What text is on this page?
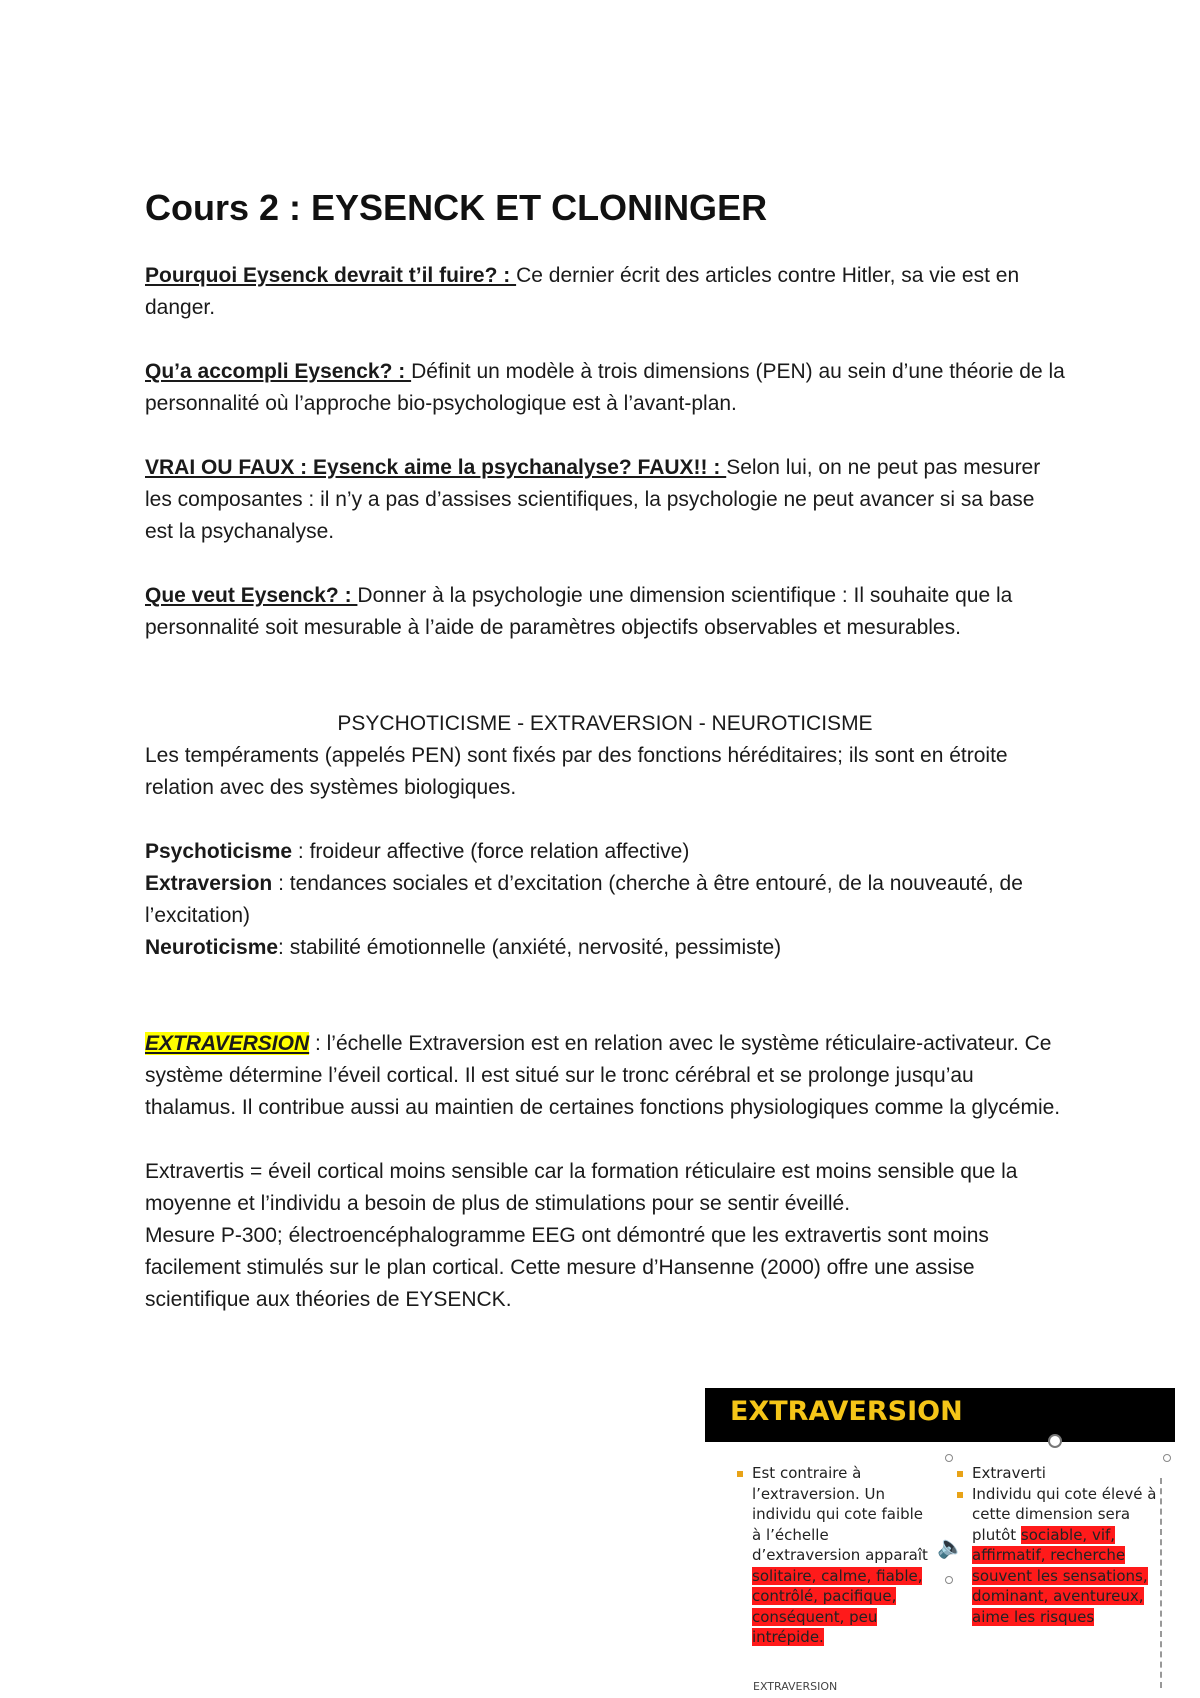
Cours 2 : EYSENCK ET CLONINGER

Pourquoi Eysenck devrait t’il fuire? : Ce dernier écrit des articles contre Hitler, sa vie est en danger.

Qu’a accompli Eysenck? : Définit un modèle à trois dimensions (PEN) au sein d’une théorie de la personnalité où l’approche bio-psychologique est à l’avant-plan.

VRAI OU FAUX : Eysenck aime la psychanalyse? FAUX!! : Selon lui, on ne peut pas mesurer les composantes : il n’y a pas d’assises scientifiques, la psychologie ne peut avancer si sa base est la psychanalyse.

Que veut Eysenck? : Donner à la psychologie une dimension scientifique : Il souhaite que la personnalité soit mesurable à l’aide de paramètres objectifs observables et mesurables.

PSYCHOTICISME - EXTRAVERSION - NEUROTICISME

Les tempéraments (appelés PEN) sont fixés par des fonctions héréditaires; ils sont en étroite relation avec des systèmes biologiques.

Psychoticisme : froideur affective (force relation affective)

Extraversion : tendances sociales et d’excitation (cherche à être entouré, de la nouveauté, de l’excitation)

Neuroticisme: stabilité émotionnelle (anxiété, nervosité, pessimiste)

EXTRAVERSION : l’échelle Extraversion est en relation avec le système réticulaire-activateur. Ce système détermine l’éveil cortical. Il est situé sur le tronc cérébral et se prolonge jusqu’au thalamus. Il contribue aussi au maintien de certaines fonctions physiologiques comme la glycémie.

Extravertis = éveil cortical moins sensible car la formation réticulaire est moins sensible que la moyenne et l’individu a besoin de plus de stimulations pour se sentir éveillé.

Mesure P-300; électroencéphalogramme EEG ont démontré que les extravertis sont moins facilement stimulés sur le plan cortical. Cette mesure d’Hansenne (2000) offre une assise scientifique aux théories de EYSENCK.

EXTRAVERSION
Est contraire à l’extraversion. Un individu qui cote faible à l’échelle d’extraversion apparaît solitaire, calme, fiable, contrôlé, pacifique, conséquent, peu intrépide.
🔈
Extraverti
Individu qui cote élevé à cette dimension sera plutôt sociable, vif, affirmatif, recherche souvent les sensations, dominant, aventureux, aime les risques
EXTRAVERSION
